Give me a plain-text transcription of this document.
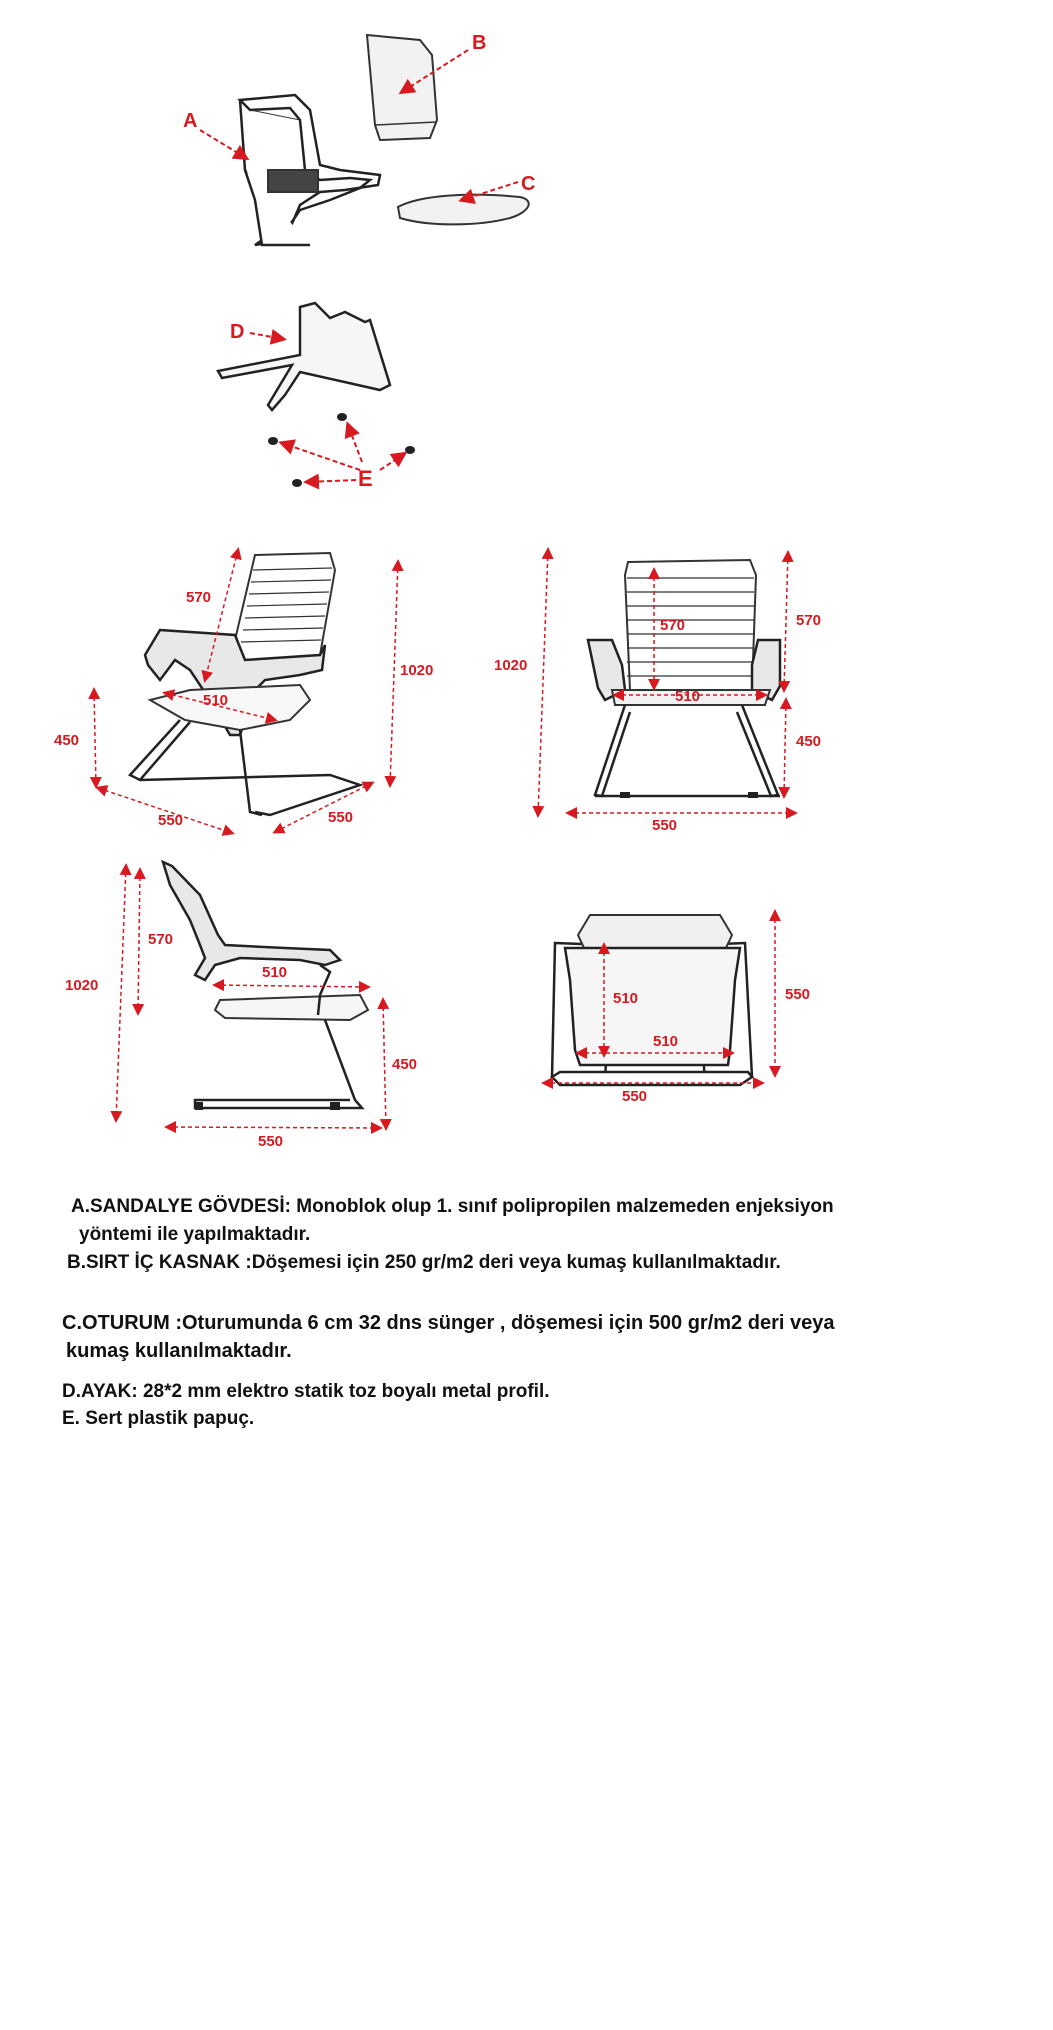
A
B
C
D
E
570
510
1020
450
550	550
1020
570	570
510
450
550
1020
570
510
450
550
510
510
550
550
A.SANDALYE GÖVDESİ: Monoblok olup 1. sınıf polipropilen malzemeden enjeksiyon
yöntemi ile yapılmaktadır.
B.SIRT İÇ KASNAK :Döşemesi için 250 gr/m2 deri veya kumaş kullanılmaktadır.
C.OTURUM :Oturumunda 6 cm 32 dns sünger , döşemesi için 500 gr/m2 deri veya
kumaş kullanılmaktadır.
D.AYAK: 28*2 mm elektro statik toz boyalı metal profil.
E. Sert plastik papuç.
